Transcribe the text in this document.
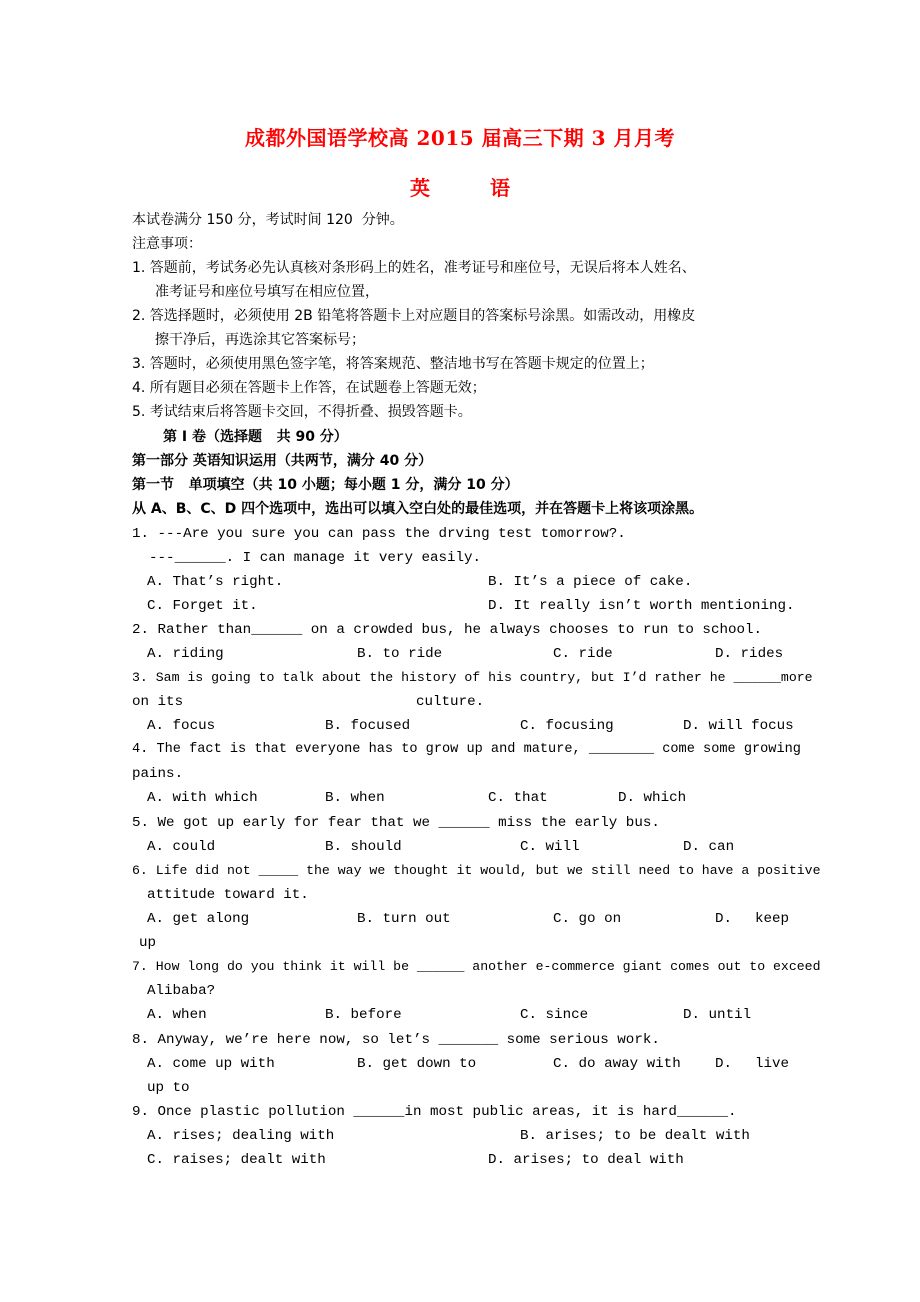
成都外国语学校高 2015 届高三下期 3 月月考
英	语
本试卷满分 150 分，考试时间 120  分钟。
注意事项：
1. 答题前，考试务必先认真核对条形码上的姓名，准考证号和座位号，无误后将本人姓名、
准考证号和座位号填写在相应位置，
2. 答选择题时，必须使用 2B 铅笔将答题卡上对应题目的答案标号涂黑。如需改动，用橡皮
擦干净后，再选涂其它答案标号；
3. 答题时，必须使用黑色签字笔，将答案规范、整洁地书写在答题卡规定的位置上；
4. 所有题目必须在答题卡上作答，在试题卷上答题无效；
5. 考试结束后将答题卡交回，不得折叠、损毁答题卡。
第 I 卷（选择题   共 90 分）
第一部分 英语知识运用（共两节，满分 40 分）
第一节   单项填空（共 10 小题；每小题 1 分，满分 10 分）
从 A、B、C、D 四个选项中，选出可以填入空白处的最佳选项，并在答题卡上将该项涂黑。
1. ---Are you sure you can pass the drving test tomorrow?.
---______. I can manage it very easily.
A. That’s right.	B. It’s a piece of cake.
C. Forget it.	D. It really isn’t worth mentioning.
2. Rather than______ on a crowded bus, he always chooses to run to school.
A. riding	B. to ride	C. ride	D. rides
3. Sam is going to talk about the history of his country, but I’d rather he ______more
on its	culture.
A. focus	B. focused	C. focusing	D. will focus
4. The fact is that everyone has to grow up and mature, ________ come some growing
pains.
A. with which	B. when	C. that	D. which
5. We got up early for fear that we ______ miss the early bus.
A. could	B. should	C. will	D. can
6. Life did not _____ the way we thought it would, but we still need to have a positive
attitude toward it.
A. get along	B. turn out	C. go on	D. keep
up
7. How long do you think it will be ______ another e-commerce giant comes out to exceed
Alibaba?
A. when	B. before	C. since	D. until
8. Anyway, we’re here now, so let’s _______ some serious work.
A. come up with	B. get down to	C. do away with D. live
up to
9. Once plastic pollution ______in most public areas, it is hard______.
A. rises; dealing with	B. arises; to be dealt with
C. raises; dealt with	D. arises; to deal with
